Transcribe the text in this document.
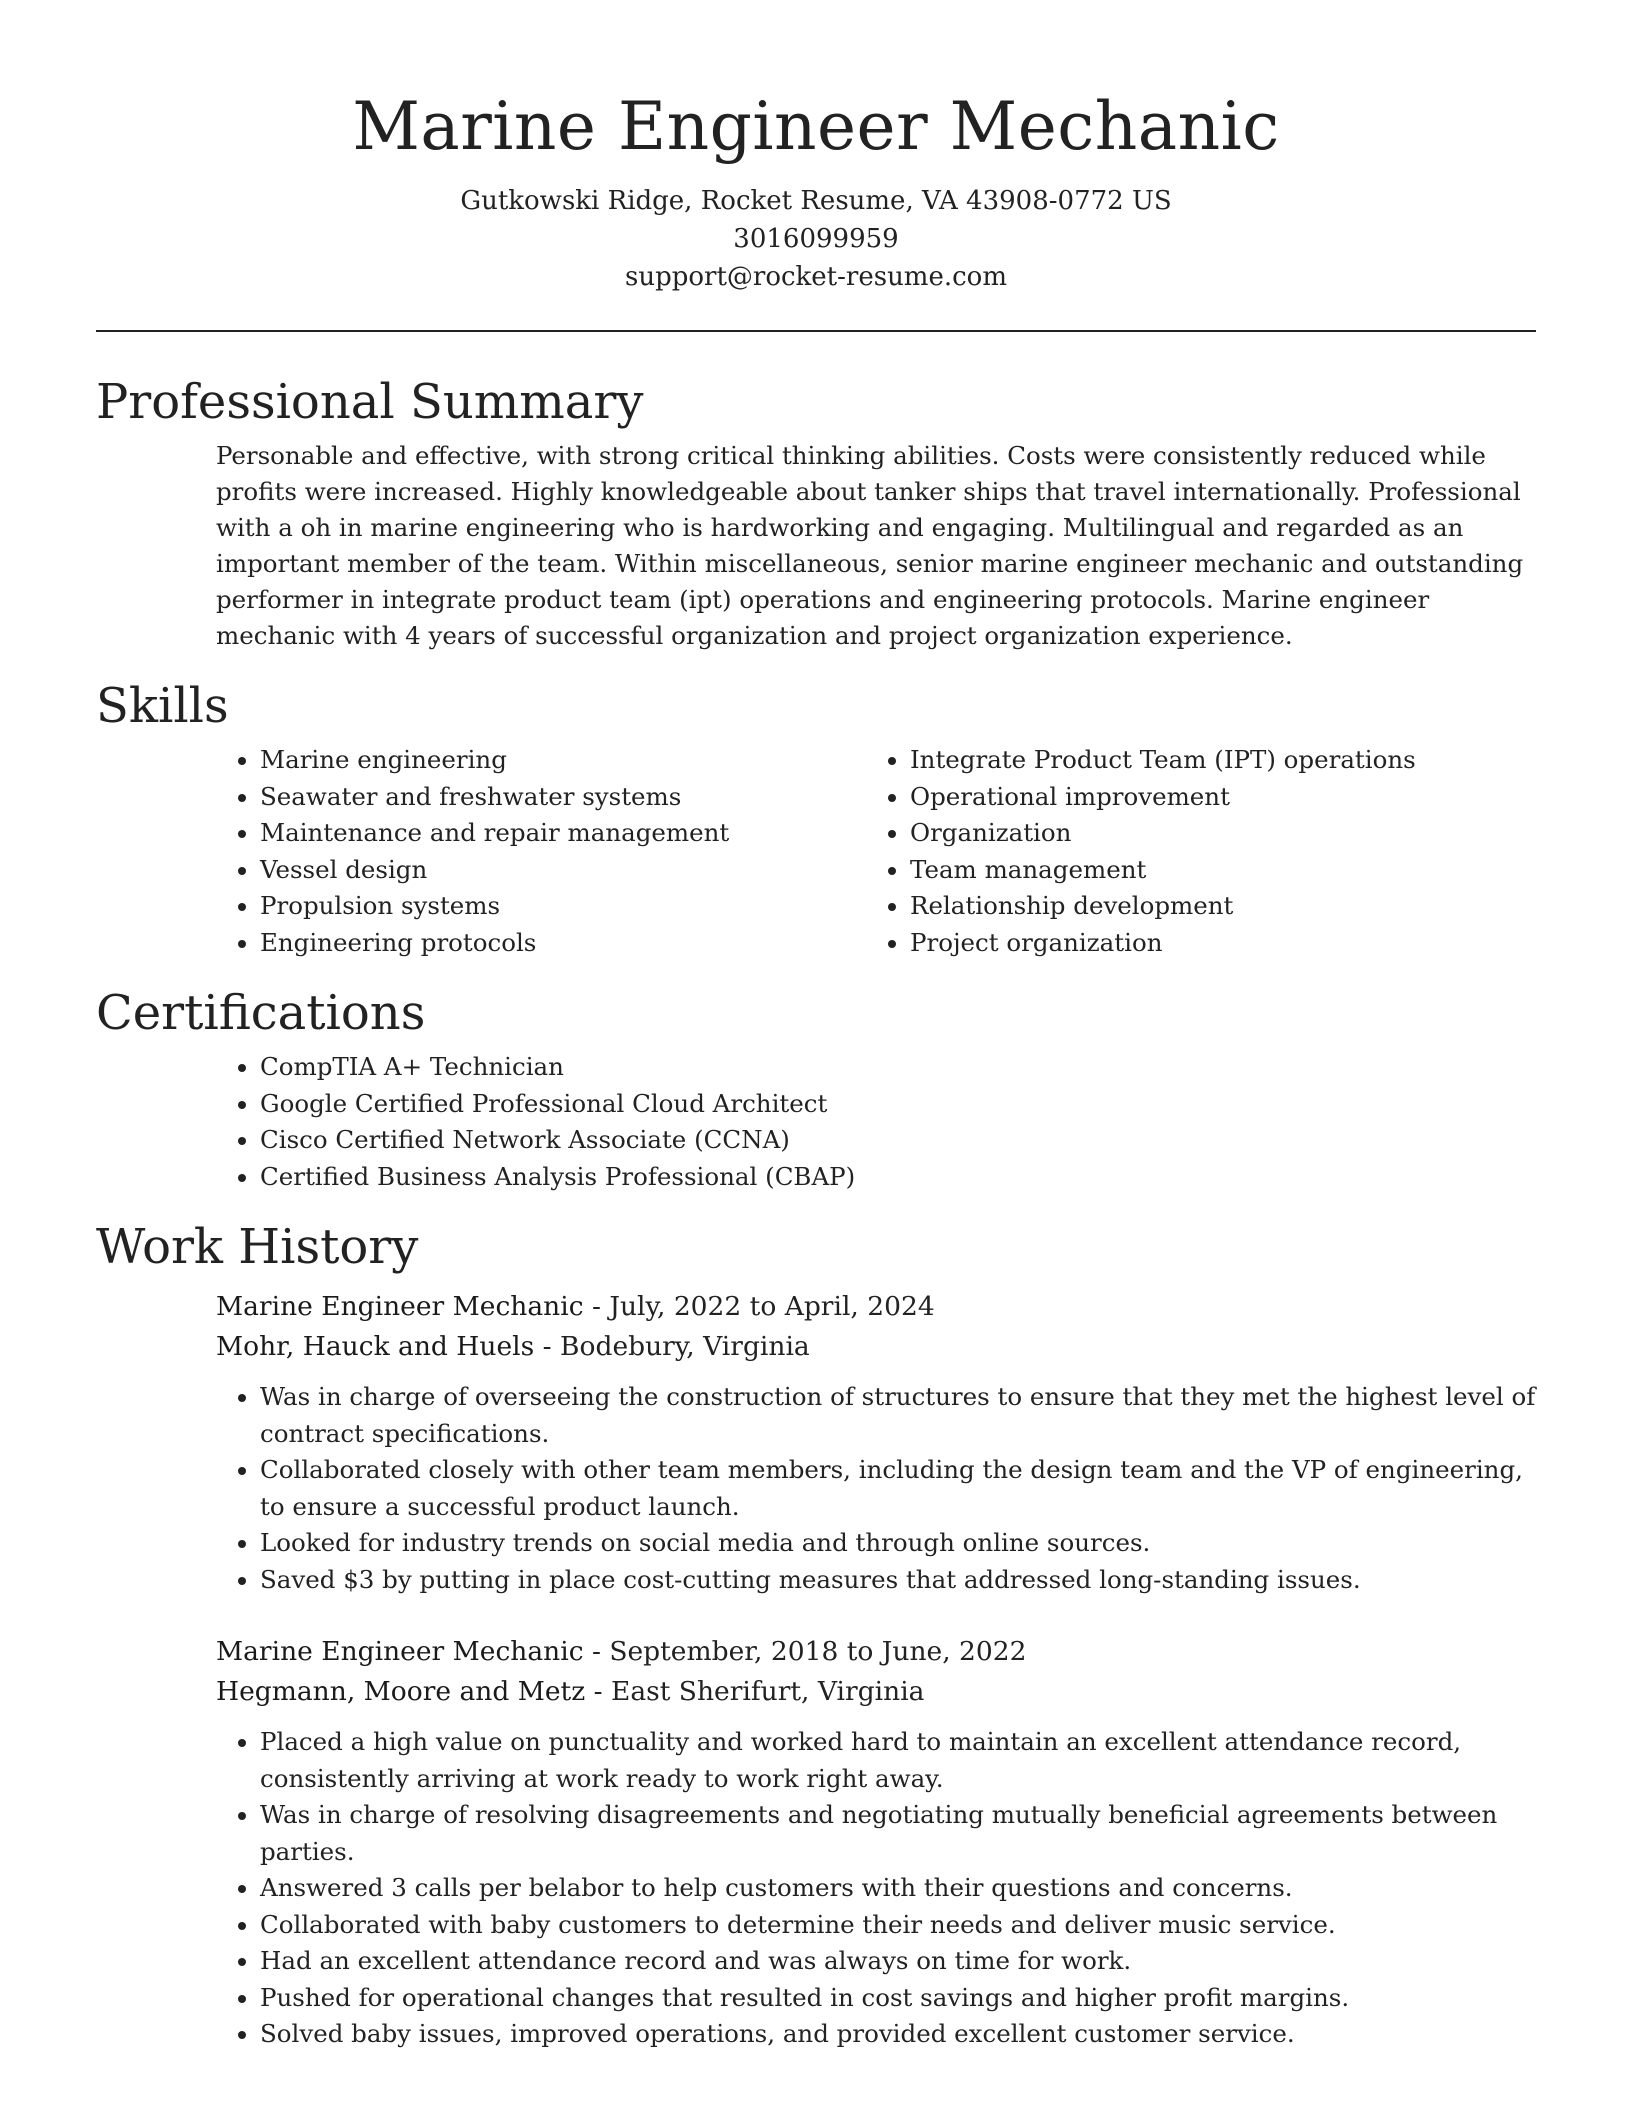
Marine Engineer Mechanic

Gutkowski Ridge, Rocket Resume, VA 43908-0772 US

3016099959

support@rocket-resume.com

Professional Summary

Personable and effective, with strong critical thinking abilities. Costs were consistently reduced while profits were increased. Highly knowledgeable about tanker ships that travel internationally. Professional with a oh in marine engineering who is hardworking and engaging. Multilingual and regarded as an important member of the team. Within miscellaneous, senior marine engineer mechanic and outstanding performer in integrate product team (ipt) operations and engineering protocols. Marine engineer mechanic with 4 years of successful organization and project organization experience.

Skills
• Marine engineering
• Seawater and freshwater systems
• Maintenance and repair management
• Vessel design
• Propulsion systems
• Engineering protocols
• Integrate Product Team (IPT) operations
• Operational improvement
• Organization
• Team management
• Relationship development
• Project organization
Certifications
• CompTIA A+ Technician
• Google Certified Professional Cloud Architect
• Cisco Certified Network Associate (CCNA)
• Certified Business Analysis Professional (CBAP)
Work History

Marine Engineer Mechanic - July, 2022 to April, 2024

Mohr, Hauck and Huels - Bodebury, Virginia

• Was in charge of overseeing the construction of structures to ensure that they met the highest level of contract specifications.
• Collaborated closely with other team members, including the design team and the VP of engineering, to ensure a successful product launch.
• Looked for industry trends on social media and through online sources.
• Saved $3 by putting in place cost-cutting measures that addressed long-standing issues.

Marine Engineer Mechanic - September, 2018 to June, 2022

Hegmann, Moore and Metz - East Sherifurt, Virginia

• Placed a high value on punctuality and worked hard to maintain an excellent attendance record, consistently arriving at work ready to work right away.
• Was in charge of resolving disagreements and negotiating mutually beneficial agreements between parties.
• Answered 3 calls per belabor to help customers with their questions and concerns.
• Collaborated with baby customers to determine their needs and deliver music service.
• Had an excellent attendance record and was always on time for work.
• Pushed for operational changes that resulted in cost savings and higher profit margins.
• Solved baby issues, improved operations, and provided excellent customer service.
